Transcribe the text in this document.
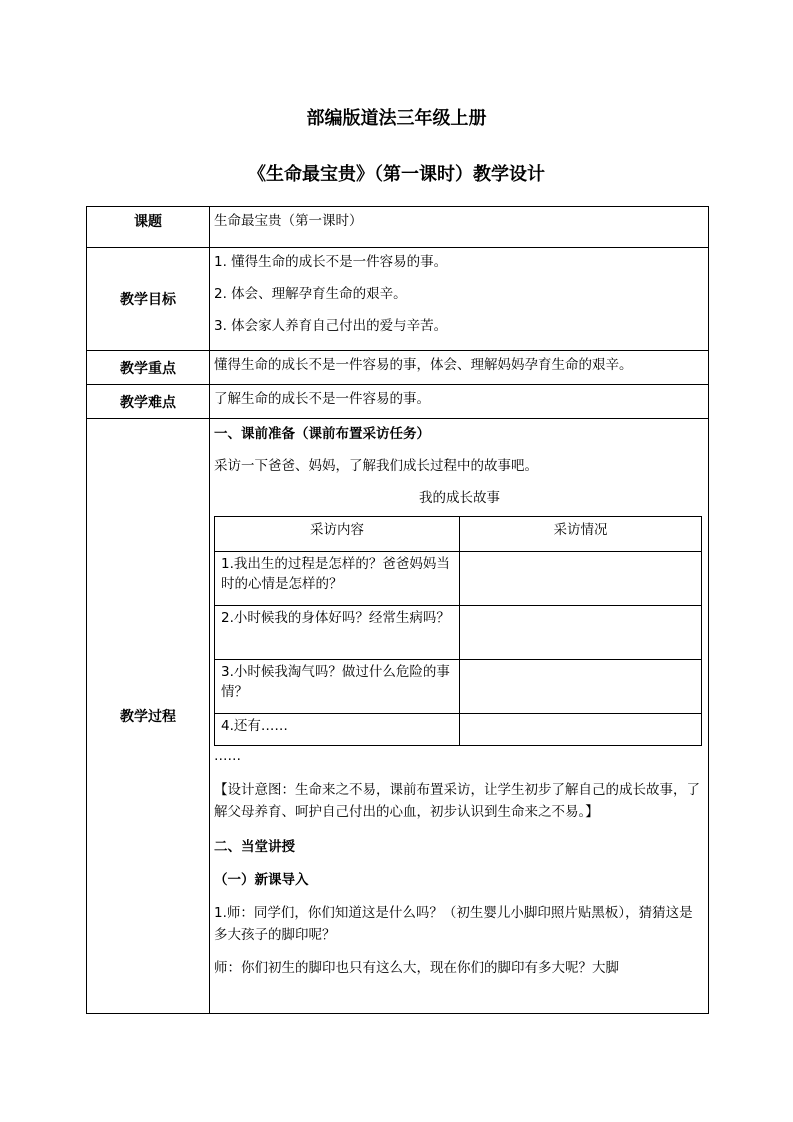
部编版道法三年级上册
《生命最宝贵》（第一课时）教学设计
课题	生命最宝贵（第一课时）

教学目标	
1. 懂得生命的成长不是一件容易的事。
2. 体会、理解孕育生命的艰辛。
3. 体会家人养育自己付出的爱与辛苦。

教学重点	懂得生命的成长不是一件容易的事，体会、理解妈妈孕育生命的艰辛。

教学难点	了解生命的成长不是一件容易的事。

教学过程	
一、课前准备（课前布置采访任务）
采访一下爸爸、妈妈，了解我们成长过程中的故事吧。
我的成长故事
采访内容	采访情况
1.我出生的过程是怎样的？爸爸妈妈当时的心情是怎样的？	
2.小时候我的身体好吗？经常生病吗？	
3.小时候我淘气吗？做过什么危险的事情？	
4.还有……	
……
【设计意图：生命来之不易，课前布置采访，让学生初步了解自己的成长故事，了解父母养育、呵护自己付出的心血，初步认识到生命来之不易。】
二、当堂讲授
（一）新课导入
1.师：同学们，你们知道这是什么吗？（初生婴儿小脚印照片贴黑板），猜猜这是多大孩子的脚印呢？
师：你们初生的脚印也只有这么大，现在你们的脚印有多大呢？大脚
